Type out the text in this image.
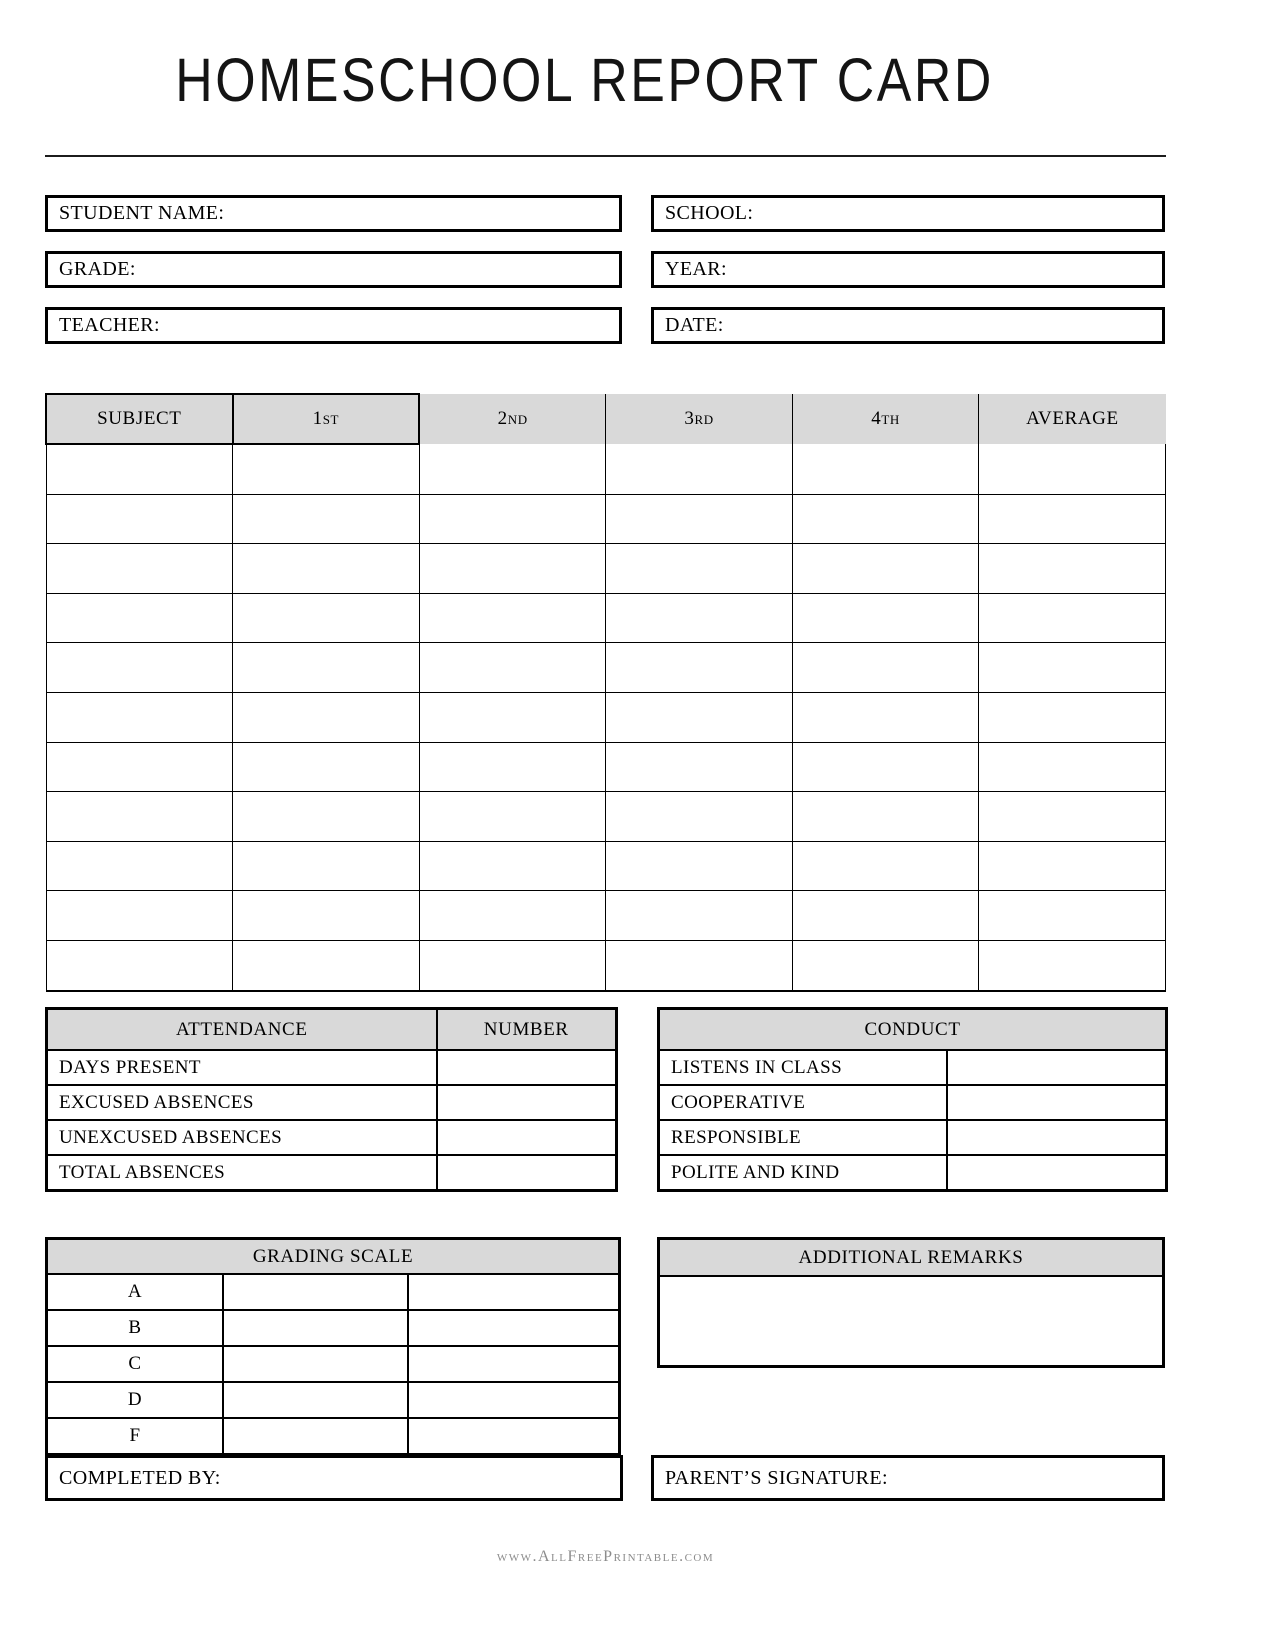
HOMESCHOOL REPORT CARD
STUDENT NAME:	SCHOOL:
GRADE:	YEAR:
TEACHER:	DATE:
SUBJECT	1st	2nd	3rd	4th	AVERAGE

ATTENDANCE	NUMBER
DAYS PRESENT	
EXCUSED ABSENCES	
UNEXCUSED ABSENCES	
TOTAL ABSENCES	
CONDUCT	
LISTENS IN CLASS	
COOPERATIVE	
RESPONSIBLE	
POLITE AND KIND	
GRADING SCALE		
A		
B		
C		
D		
F		
ADDITIONAL REMARKS
COMPLETED BY:	PARENT’S SIGNATURE:
www.AllFreePrintable.com
